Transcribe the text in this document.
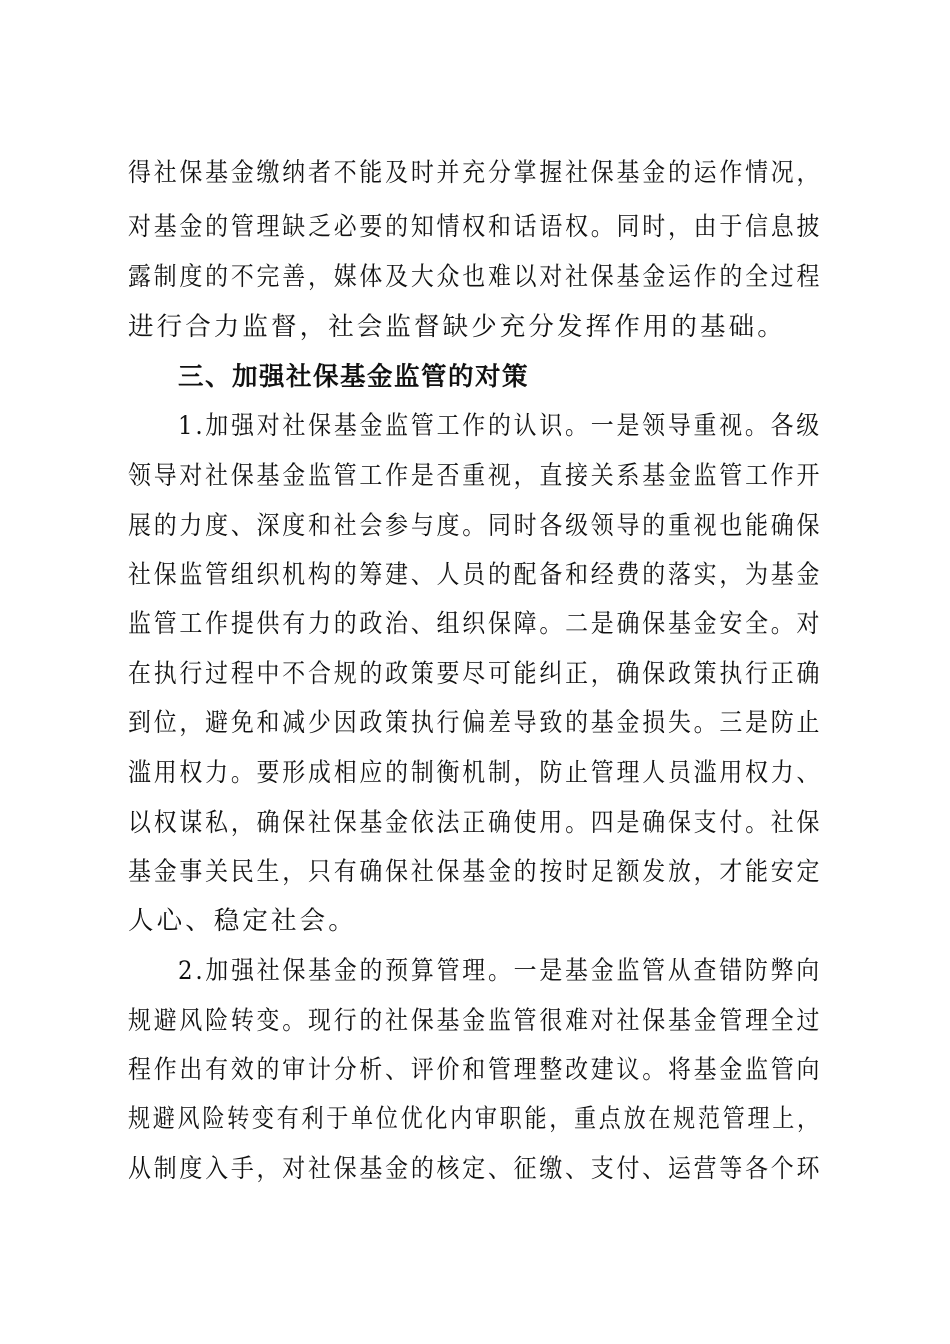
得社保基金缴纳者不能及时并充分掌握社保基金的运作情况，
对基金的管理缺乏必要的知情权和话语权。同时，由于信息披
露制度的不完善，媒体及大众也难以对社保基金运作的全过程
进行合力监督，社会监督缺少充分发挥作用的基础。
三、加强社保基金监管的对策
1.加强对社保基金监管工作的认识。一是领导重视。各级
领导对社保基金监管工作是否重视，直接关系基金监管工作开
展的力度、深度和社会参与度。同时各级领导的重视也能确保
社保监管组织机构的筹建、人员的配备和经费的落实，为基金
监管工作提供有力的政治、组织保障。二是确保基金安全。对
在执行过程中不合规的政策要尽可能纠正，确保政策执行正确
到位，避免和减少因政策执行偏差导致的基金损失。三是防止
滥用权力。要形成相应的制衡机制，防止管理人员滥用权力、
以权谋私，确保社保基金依法正确使用。四是确保支付。社保
基金事关民生，只有确保社保基金的按时足额发放，才能安定
人心、稳定社会。
2.加强社保基金的预算管理。一是基金监管从查错防弊向
规避风险转变。现行的社保基金监管很难对社保基金管理全过
程作出有效的审计分析、评价和管理整改建议。将基金监管向
规避风险转变有利于单位优化内审职能，重点放在规范管理上，
从制度入手，对社保基金的核定、征缴、支付、运营等各个环
